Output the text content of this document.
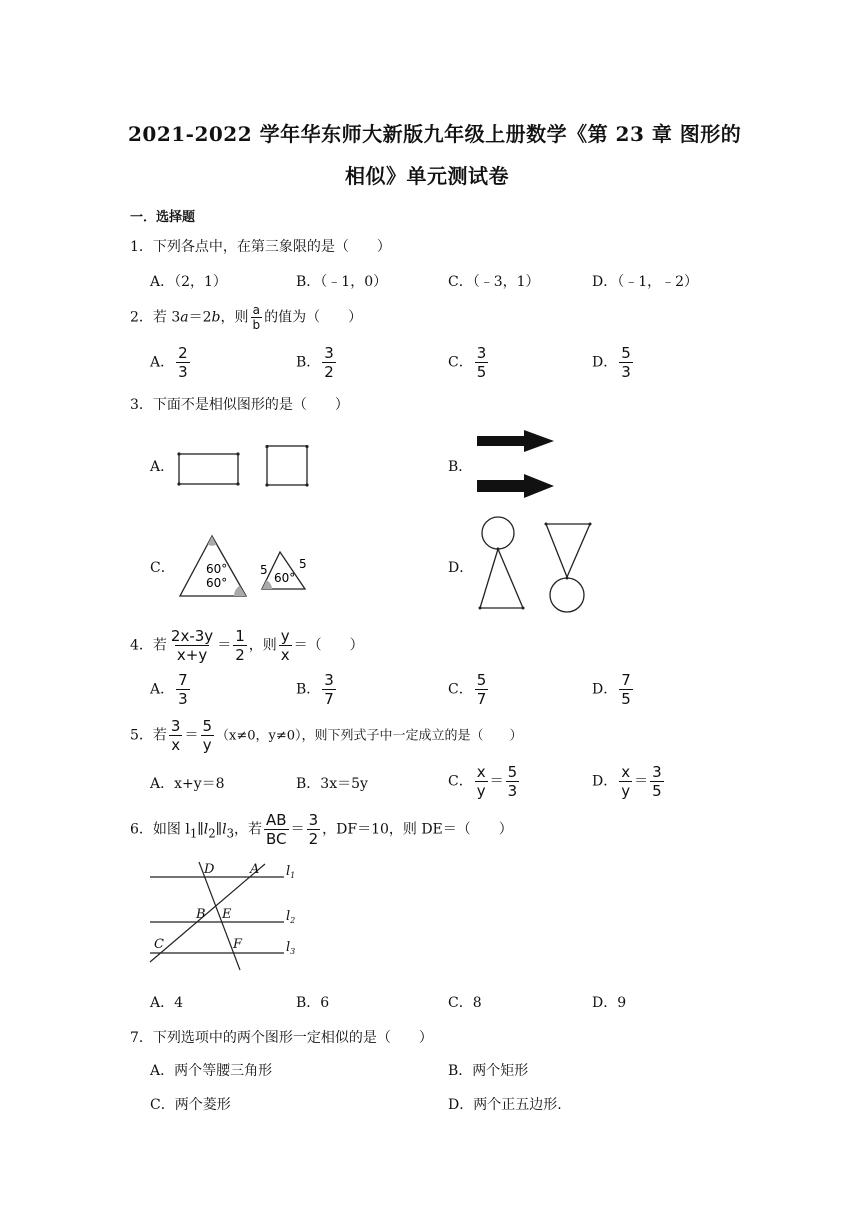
2021-2022 学年华东师大新版九年级上册数学《第 23 章 图形的
相似》单元测试卷
一．选择题
1．下列各点中，在第三象限的是（　　）
A．（2，1）	B．（﹣1，0）	C．（﹣3，1）	D．（﹣1，﹣2）
2．若 3a＝2b，则 $\frac{a}{b}$ 的值为（　　）
A． $\frac{2}{3}$	B． $\frac{3}{2}$	C． $\frac{3}{5}$	D． $\frac{5}{3}$
3．下面不是相似图形的是（　　）
A．	B．
C．	D．
60°
60°	60°
5	5
4．若 $\frac{2x-3y}{x+y} = \frac{1}{2}$ ，则 $\frac{y}{x}$ ＝（　　）
A． $\frac{7}{3}$	B． $\frac{3}{7}$	C． $\frac{5}{7}$	D． $\frac{7}{5}$
5．若 $\frac{3}{x} = \frac{5}{y} (x\ne 0$，y≠0），则下列式子中一定成立的是（　　）
A．x+y＝8	B．3x＝5y	C． $\frac{x}{y} = \frac{5}{3}$	D． $\frac{x}{y} = \frac{3}{5}$
6．如图 $l_1\parallel l_2\parallel l_3$，若 $\frac{AB}{BC} = \frac{3}{2}$ ，DF＝10，则 DE＝（　　）
D	A
B E
C	F
$l_1$
$l_2$
$l_3$
A．4	B．6	C．8	D．9
7．下列选项中的两个图形一定相似的是（　　）
A．两个等腰三角形	B．两个矩形
C．两个菱形	D．两个正五边形.
